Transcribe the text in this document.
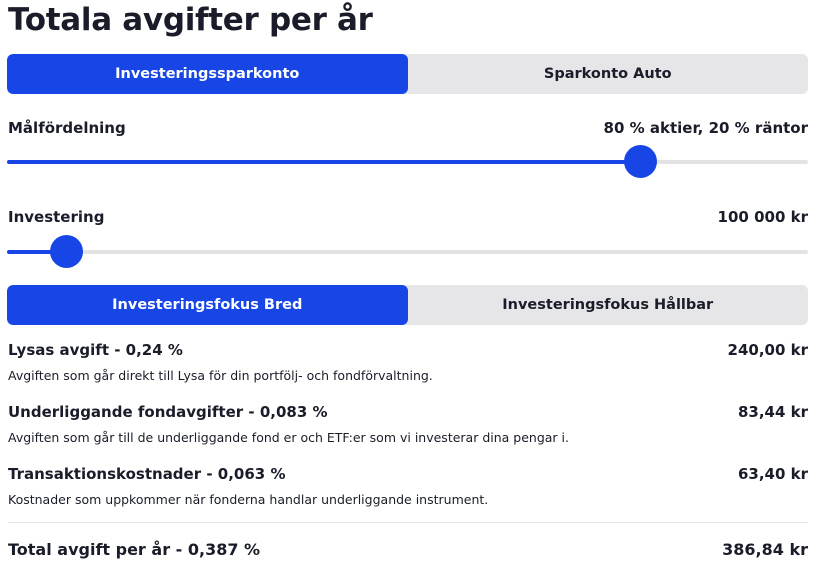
Totala avgifter per år
Investeringssparkonto	Sparkonto Auto
Målfördelning	80 % aktier, 20 % räntor
Investering	100 000 kr
Investeringsfokus Bred	Investeringsfokus Hållbar
Lysas avgift - 0,24 %	240,00 kr
Avgiften som går direkt till Lysa för din portfölj- och fondförvaltning.
Underliggande fondavgifter - 0,083 %	83,44 kr
Avgiften som går till de underliggande fond er och ETF:er som vi investerar dina pengar i.
Transaktionskostnader - 0,063 %	63,40 kr
Kostnader som uppkommer när fonderna handlar underliggande instrument.
Total avgift per år - 0,387 %	386,84 kr
